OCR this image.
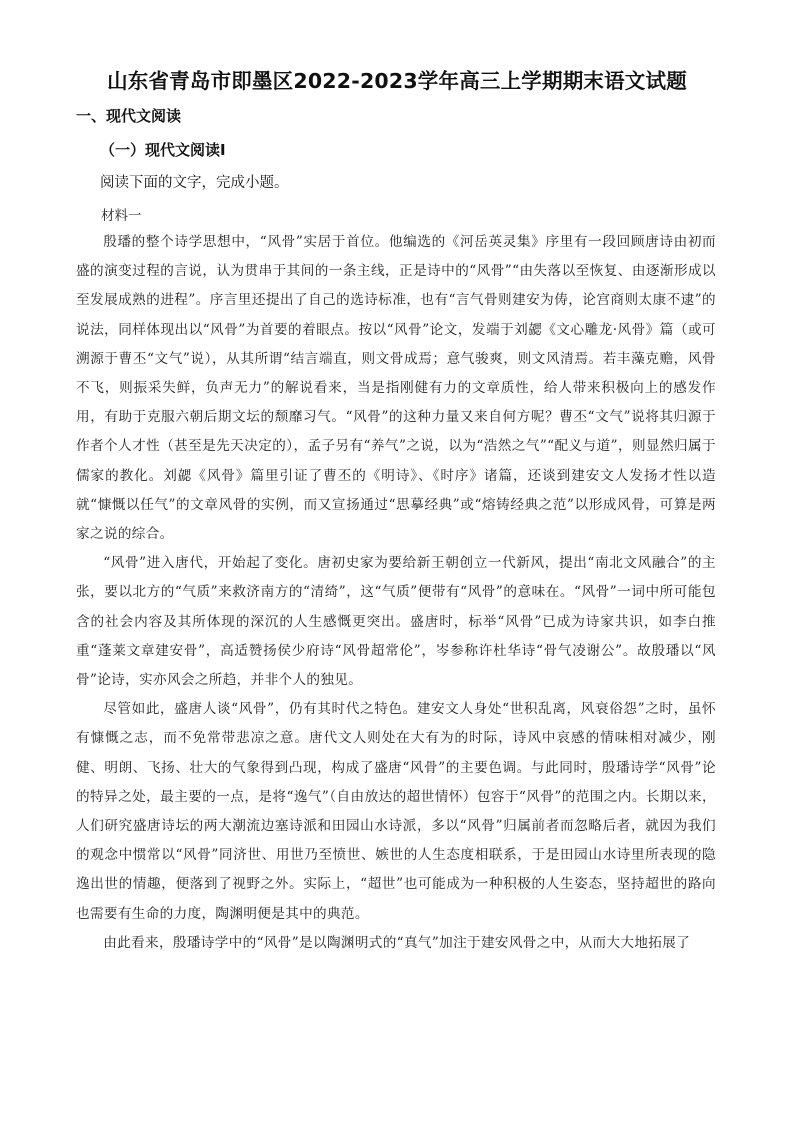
山东省青岛市即墨区2022-2023学年高三上学期期末语文试题
一、现代文阅读
（一）现代文阅读Ⅰ
阅读下面的文字，完成小题。
材料一

殷璠的整个诗学思想中，“风骨”实居于首位。他编选的《河岳英灵集》序里有一段回顾唐诗由初而盛的演变过程的言说，认为贯串于其间的一条主线，正是诗中的“风骨”“由失落以至恢复、由逐渐形成以至发展成熟的进程”。序言里还提出了自己的选诗标准，也有“言气骨则建安为俦，论宫商则太康不逮”的说法，同样体现出以“风骨”为首要的着眼点。按以“风骨”论文，发端于刘勰《文心雕龙·风骨》篇（或可溯源于曹丕“文气”说），从其所谓“结言端直，则文骨成焉；意气骏爽，则文风清焉。若丰藻克赡，风骨不飞，则振采失鲜，负声无力”的解说看来，当是指刚健有力的文章质性，给人带来积极向上的感发作用，有助于克服六朝后期文坛的颓靡习气。“风骨”的这种力量又来自何方呢？曹丕“文气”说将其归源于作者个人才性（甚至是先天决定的），孟子另有“养气”之说，以为“浩然之气”“配义与道”，则显然归属于儒家的教化。刘勰《风骨》篇里引证了曹丕的《明诗》、《时序》诸篇，还谈到建安文人发扬才性以造就“慷慨以任气”的文章风骨的实例，而又宣扬通过“思摹经典”或“熔铸经典之范”以形成风骨，可算是两家之说的综合。

“风骨”进入唐代，开始起了变化。唐初史家为要给新王朝创立一代新风，提出“南北文风融合”的主张，要以北方的“气质”来救济南方的“清绮”，这“气质”便带有“风骨”的意味在。“风骨”一词中所可能包含的社会内容及其所体现的深沉的人生感慨更突出。盛唐时，标举“风骨”已成为诗家共识，如李白推重“蓬莱文章建安骨”，高适赞扬侯少府诗“风骨超常伦”，岑参称许杜华诗“骨气凌谢公”。故殷璠以“风骨”论诗，实亦风会之所趋，并非个人的独见。

尽管如此，盛唐人谈“风骨”，仍有其时代之特色。建安文人身处“世积乱离，风衰俗怨”之时，虽怀有慷慨之志，而不免常带悲凉之意。唐代文人则处在大有为的时际，诗风中哀感的情味相对减少，刚健、明朗、飞扬、壮大的气象得到凸现，构成了盛唐“风骨”的主要色调。与此同时，殷璠诗学“风骨”论的特异之处，最主要的一点，是将“逸气”（自由放达的超世情怀）包容于“风骨”的范围之内。长期以来，人们研究盛唐诗坛的两大潮流边塞诗派和田园山水诗派，多以“风骨”归属前者而忽略后者，就因为我们的观念中惯常以“风骨”同济世、用世乃至愤世、嫉世的人生态度相联系，于是田园山水诗里所表现的隐逸出世的情趣，便落到了视野之外。实际上，“超世”也可能成为一种积极的人生姿态，坚持超世的路向也需要有生命的力度，陶渊明便是其中的典范。

由此看来，殷璠诗学中的“风骨”是以陶渊明式的“真气”加注于建安风骨之中，从而大大地拓展了
